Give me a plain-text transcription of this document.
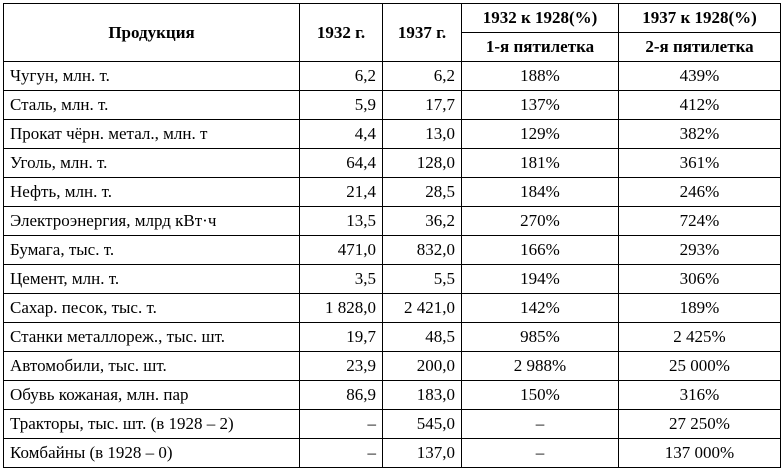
Продукция	1932 г.	1937 г.	1932 к 1928(%)	1937 к 1928(%)
			1-я пятилетка	2-я пятилетка
Чугун, млн. т.	6,2	6,2	188%	439%
Сталь, млн. т.	5,9	17,7	137%	412%
Прокат чёрн. метал., млн. т	4,4	13,0	129%	382%
Уголь, млн. т.	64,4	128,0	181%	361%
Нефть, млн. т.	21,4	28,5	184%	246%
Электроэнергия, млрд кВт·ч	13,5	36,2	270%	724%
Бумага, тыс. т.	471,0	832,0	166%	293%
Цемент, млн. т.	3,5	5,5	194%	306%
Сахар. песок, тыс. т.	1 828,0	2 421,0	142%	189%
Станки металлореж., тыс. шт.	19,7	48,5	985%	2 425%
Автомобили, тыс. шт.	23,9	200,0	2 988%	25 000%
Обувь кожаная, млн. пар	86,9	183,0	150%	316%
Тракторы, тыс. шт. (в 1928 – 2)	–	545,0	–	27 250%
Комбайны (в 1928 – 0)	–	137,0	–	137 000%
